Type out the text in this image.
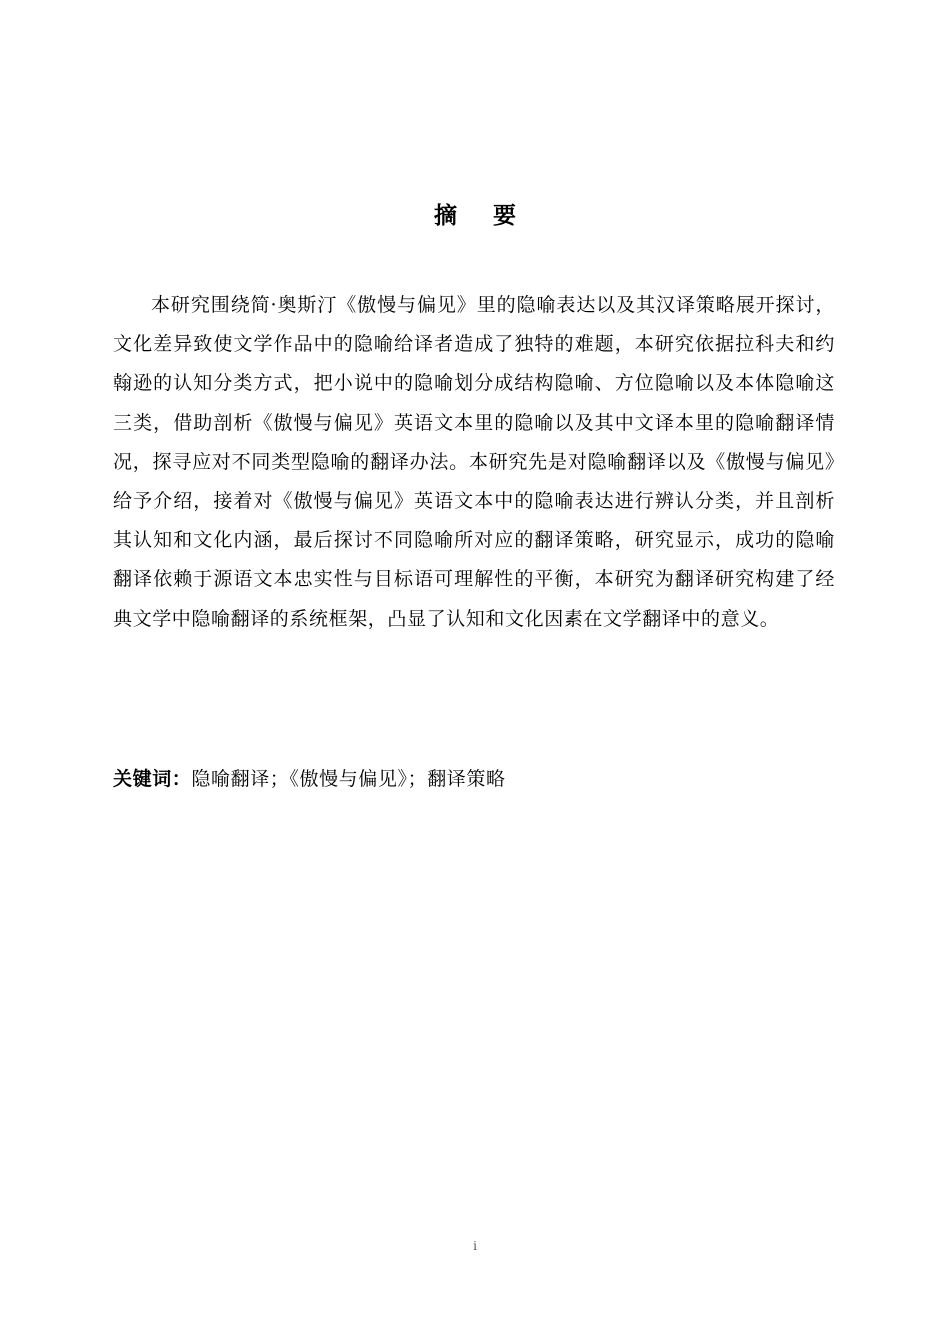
摘 要

本研究围绕简·奥斯汀《傲慢与偏见》里的隐喻表达以及其汉译策略展开探讨，文化差异致使文学作品中的隐喻给译者造成了独特的难题，本研究依据拉科夫和约翰逊的认知分类方式，把小说中的隐喻划分成结构隐喻、方位隐喻以及本体隐喻这三类，借助剖析《傲慢与偏见》英语文本里的隐喻以及其中文译本里的隐喻翻译情况，探寻应对不同类型隐喻的翻译办法。本研究先是对隐喻翻译以及《傲慢与偏见》给予介绍，接着对《傲慢与偏见》英语文本中的隐喻表达进行辨认分类，并且剖析其认知和文化内涵，最后探讨不同隐喻所对应的翻译策略，研究显示，成功的隐喻翻译依赖于源语文本忠实性与目标语可理解性的平衡，本研究为翻译研究构建了经典文学中隐喻翻译的系统框架，凸显了认知和文化因素在文学翻译中的意义。

关键词：隐喻翻译；《傲慢与偏见》；翻译策略

i
